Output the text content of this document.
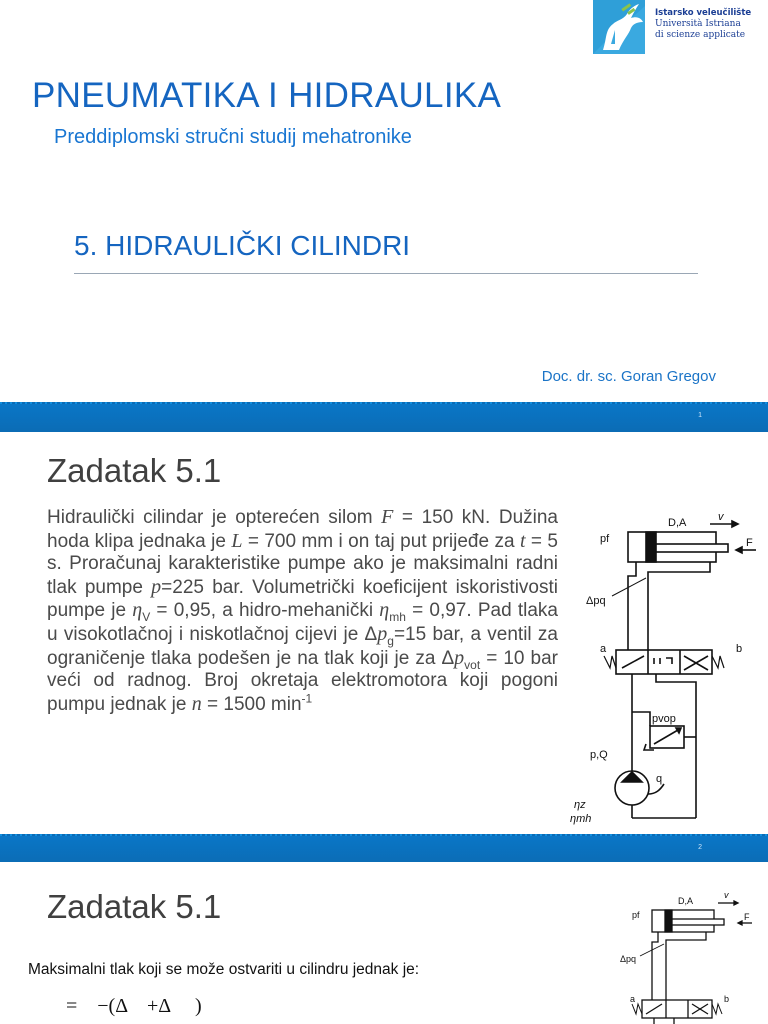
Istarsko veleučilište
Università Istriana
di scienze applicate
PNEUMATIKA I HIDRAULIKA
Preddiplomski stručni studij mehatronike
5. HIDRAULIČKI CILINDRI
Doc. dr. sc. Goran Gregov
1
Zadatak 5.1
Hidraulički cilindar je opterećen silom F = 150 kN. Dužina hoda klipa jednaka je L = 700 mm i on taj put prijeđe za t = 5 s. Proračunaj karakteristike pumpe ako je maksimalni radni tlak pumpe p=225 bar. Volumetrički koeficijent iskoristivosti pumpe je $\eta_V = 0,95$, a hidro-mehanički $\eta_{mh} = 0,97$. Pad tlaka u visokotlačnoj i niskotlačnoj cijevi je $\Delta p_g=15$ bar, a ventil za ograničenje tlaka podešen je na tlak koji je za $\Delta p_{vot} = 10$ bar veći od radnog. Broj okretaja elektromotora koji pogoni pumpu jednak je n = 1500 $\min^{-1}$
D,A	v
F
pf
Δpq
a	b
pvop
p,Q
q
ηz
ηmh
2
Zadatak 5.1
Maksimalni tlak koji se može ostvariti u cilindru jednak je:
=    −(Δ    +Δ     )
D,A
v
F
pf
Δpq
a	b
